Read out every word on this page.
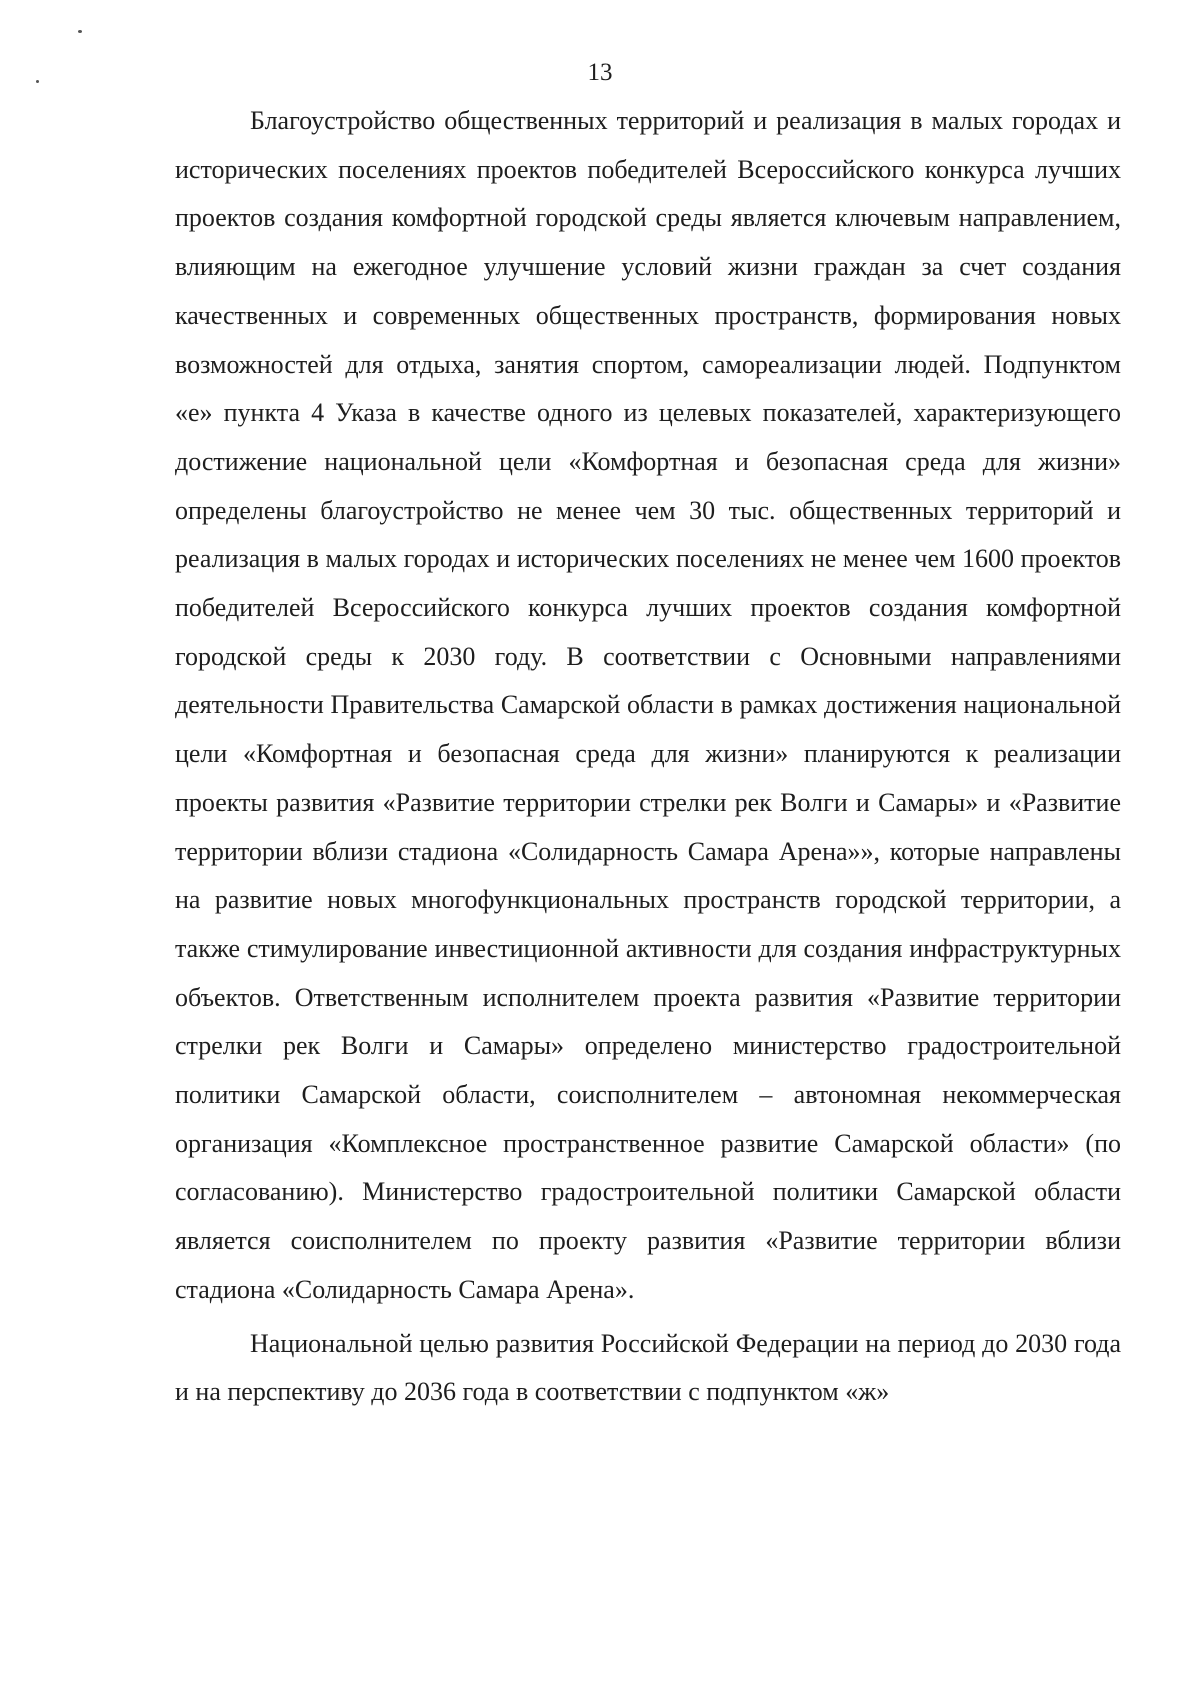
13

Благоустройство общественных территорий и реализация в малых городах и исторических поселениях проектов победителей Всероссийского конкурса лучших проектов создания комфортной городской среды является ключевым направлением, влияющим на ежегодное улучшение условий жизни граждан за счет создания качественных и современных общественных пространств, формирования новых возможностей для отдыха, занятия спортом, самореализации людей. Подпунктом «е» пункта 4 Указа в качестве одного из целевых показателей, характеризующего достижение национальной цели «Комфортная и безопасная среда для жизни» определены благоустройство не менее чем 30 тыс. общественных территорий и реализация в малых городах и исторических поселениях не менее чем 1600 проектов победителей Всероссийского конкурса лучших проектов создания комфортной городской среды к 2030 году. В соответствии с Основными направлениями деятельности Правительства Самарской области в рамках достижения национальной цели «Комфортная и безопасная среда для жизни» планируются к реализации проекты развития «Развитие территории стрелки рек Волги и Самары» и «Развитие территории вблизи стадиона «Солидарность Самара Арена»», которые направлены на развитие новых многофункциональных пространств городской территории, а также стимулирование инвестиционной активности для создания инфраструктурных объектов. Ответственным исполнителем проекта развития «Развитие территории стрелки рек Волги и Самары» определено министерство градостроительной политики Самарской области, соисполнителем – автономная некоммерческая организация «Комплексное пространственное развитие Самарской области» (по согласованию). Министерство градостроительной политики Самарской области является соисполнителем по проекту развития «Развитие территории вблизи стадиона «Солидарность Самара Арена».

Национальной целью развития Российской Федерации на период до 2030 года и на перспективу до 2036 года в соответствии с подпунктом «ж»
